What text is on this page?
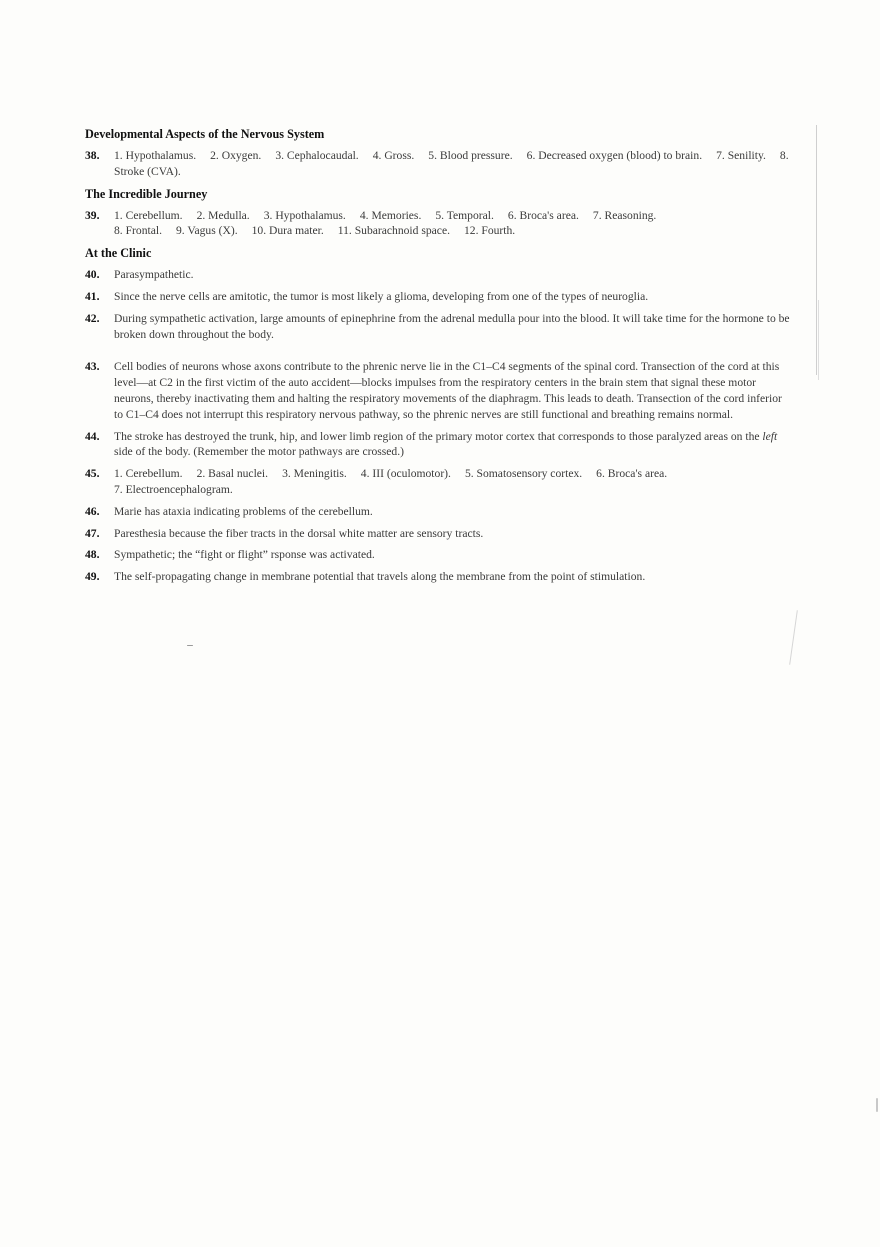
Developmental Aspects of the Nervous System
38.	1. Hypothalamus. 2. Oxygen. 3. Cephalocaudal. 4. Gross. 5. Blood pressure. 6. Decreased oxygen (blood) to brain. 7. Senility. 8. Stroke (CVA).
The Incredible Journey
39.	1. Cerebellum. 2. Medulla. 3. Hypothalamus. 4. Memories. 5. Temporal. 6. Broca's area. 7. Reasoning.
8. Frontal. 9. Vagus (X). 10. Dura mater. 11. Subarachnoid space. 12. Fourth.
At the Clinic
40.	Parasympathetic.
41.	Since the nerve cells are amitotic, the tumor is most likely a glioma, developing from one of the types of neuroglia.
42.	During sympathetic activation, large amounts of epinephrine from the adrenal medulla pour into the blood. It will take time for the hormone to be broken down throughout the body.
43.	Cell bodies of neurons whose axons contribute to the phrenic nerve lie in the C1–C4 segments of the spinal cord. Transection of the cord at this level—at C2 in the first victim of the auto accident—blocks impulses from the respiratory centers in the brain stem that signal these motor neurons, thereby inactivating them and halting the respiratory movements of the diaphragm. This leads to death. Transection of the cord inferior to C1–C4 does not interrupt this respiratory nervous pathway, so the phrenic nerves are still functional and breathing remains normal.
44.	The stroke has destroyed the trunk, hip, and lower limb region of the primary motor cortex that corresponds to those paralyzed areas on the left side of the body. (Remember the motor pathways are crossed.)
45.	1. Cerebellum. 2. Basal nuclei. 3. Meningitis. 4. III (oculomotor). 5. Somatosensory cortex. 6. Broca's area.
7. Electroencephalogram.
46.	Marie has ataxia indicating problems of the cerebellum.
47.	Paresthesia because the fiber tracts in the dorsal white matter are sensory tracts.
48.	Sympathetic; the “fight or flight” rsponse was activated.
49.	The self-propagating change in membrane potential that travels along the membrane from the point of stimulation.
